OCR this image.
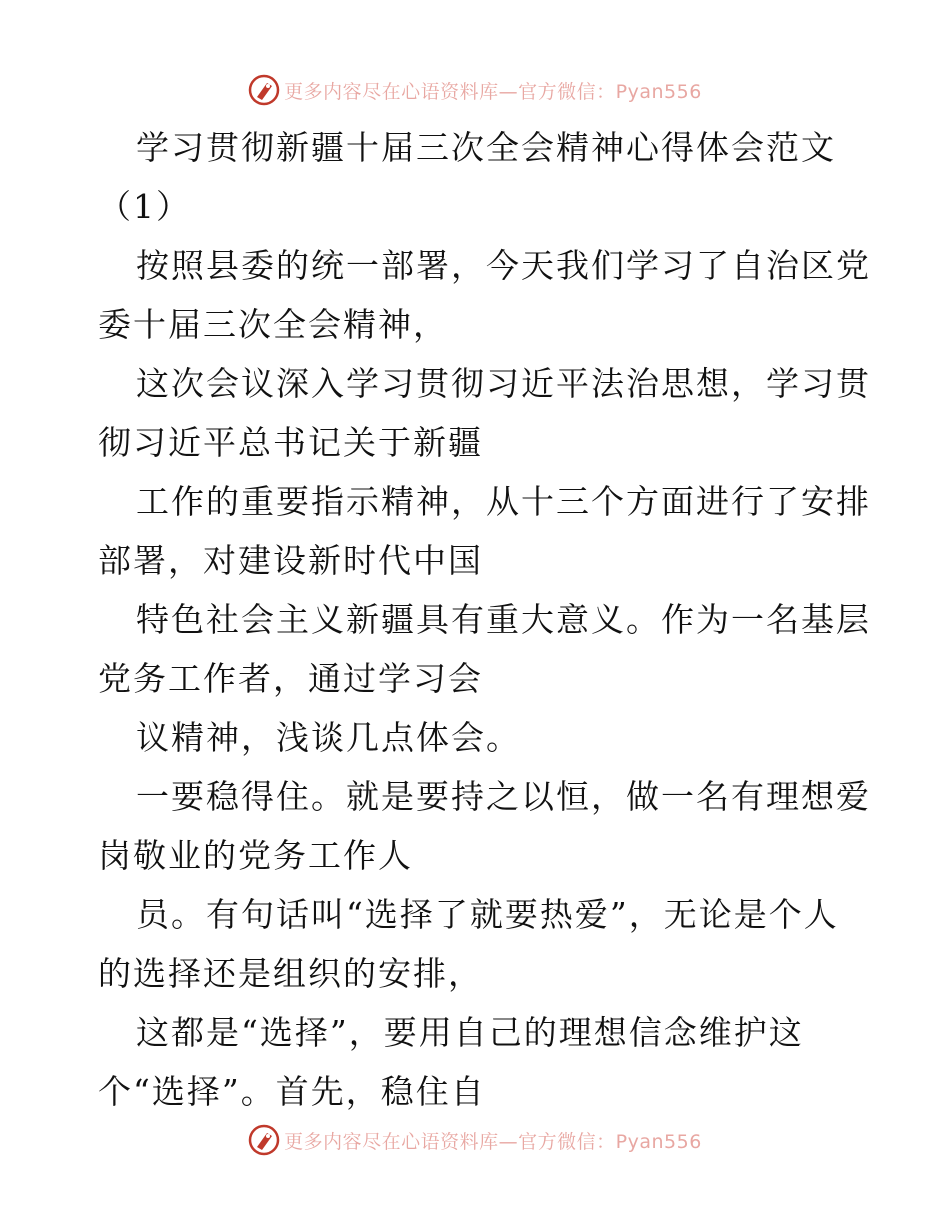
更多内容尽在心语资料库—官方微信：Pyan556
学习贯彻新疆十届三次全会精神心得体会范文
（1）
按照县委的统一部署，今天我们学习了自治区党
委十届三次全会精神，
这次会议深入学习贯彻习近平法治思想，学习贯
彻习近平总书记关于新疆
工作的重要指示精神，从十三个方面进行了安排
部署，对建设新时代中国
特色社会主义新疆具有重大意义。作为一名基层
党务工作者，通过学习会
议精神，浅谈几点体会。
一要稳得住。就是要持之以恒，做一名有理想爱
岗敬业的党务工作人
员。有句话叫“选择了就要热爱”，无论是个人
的选择还是组织的安排，
这都是“选择”，要用自己的理想信念维护这
个“选择”。首先，稳住自
更多内容尽在心语资料库—官方微信：Pyan556
